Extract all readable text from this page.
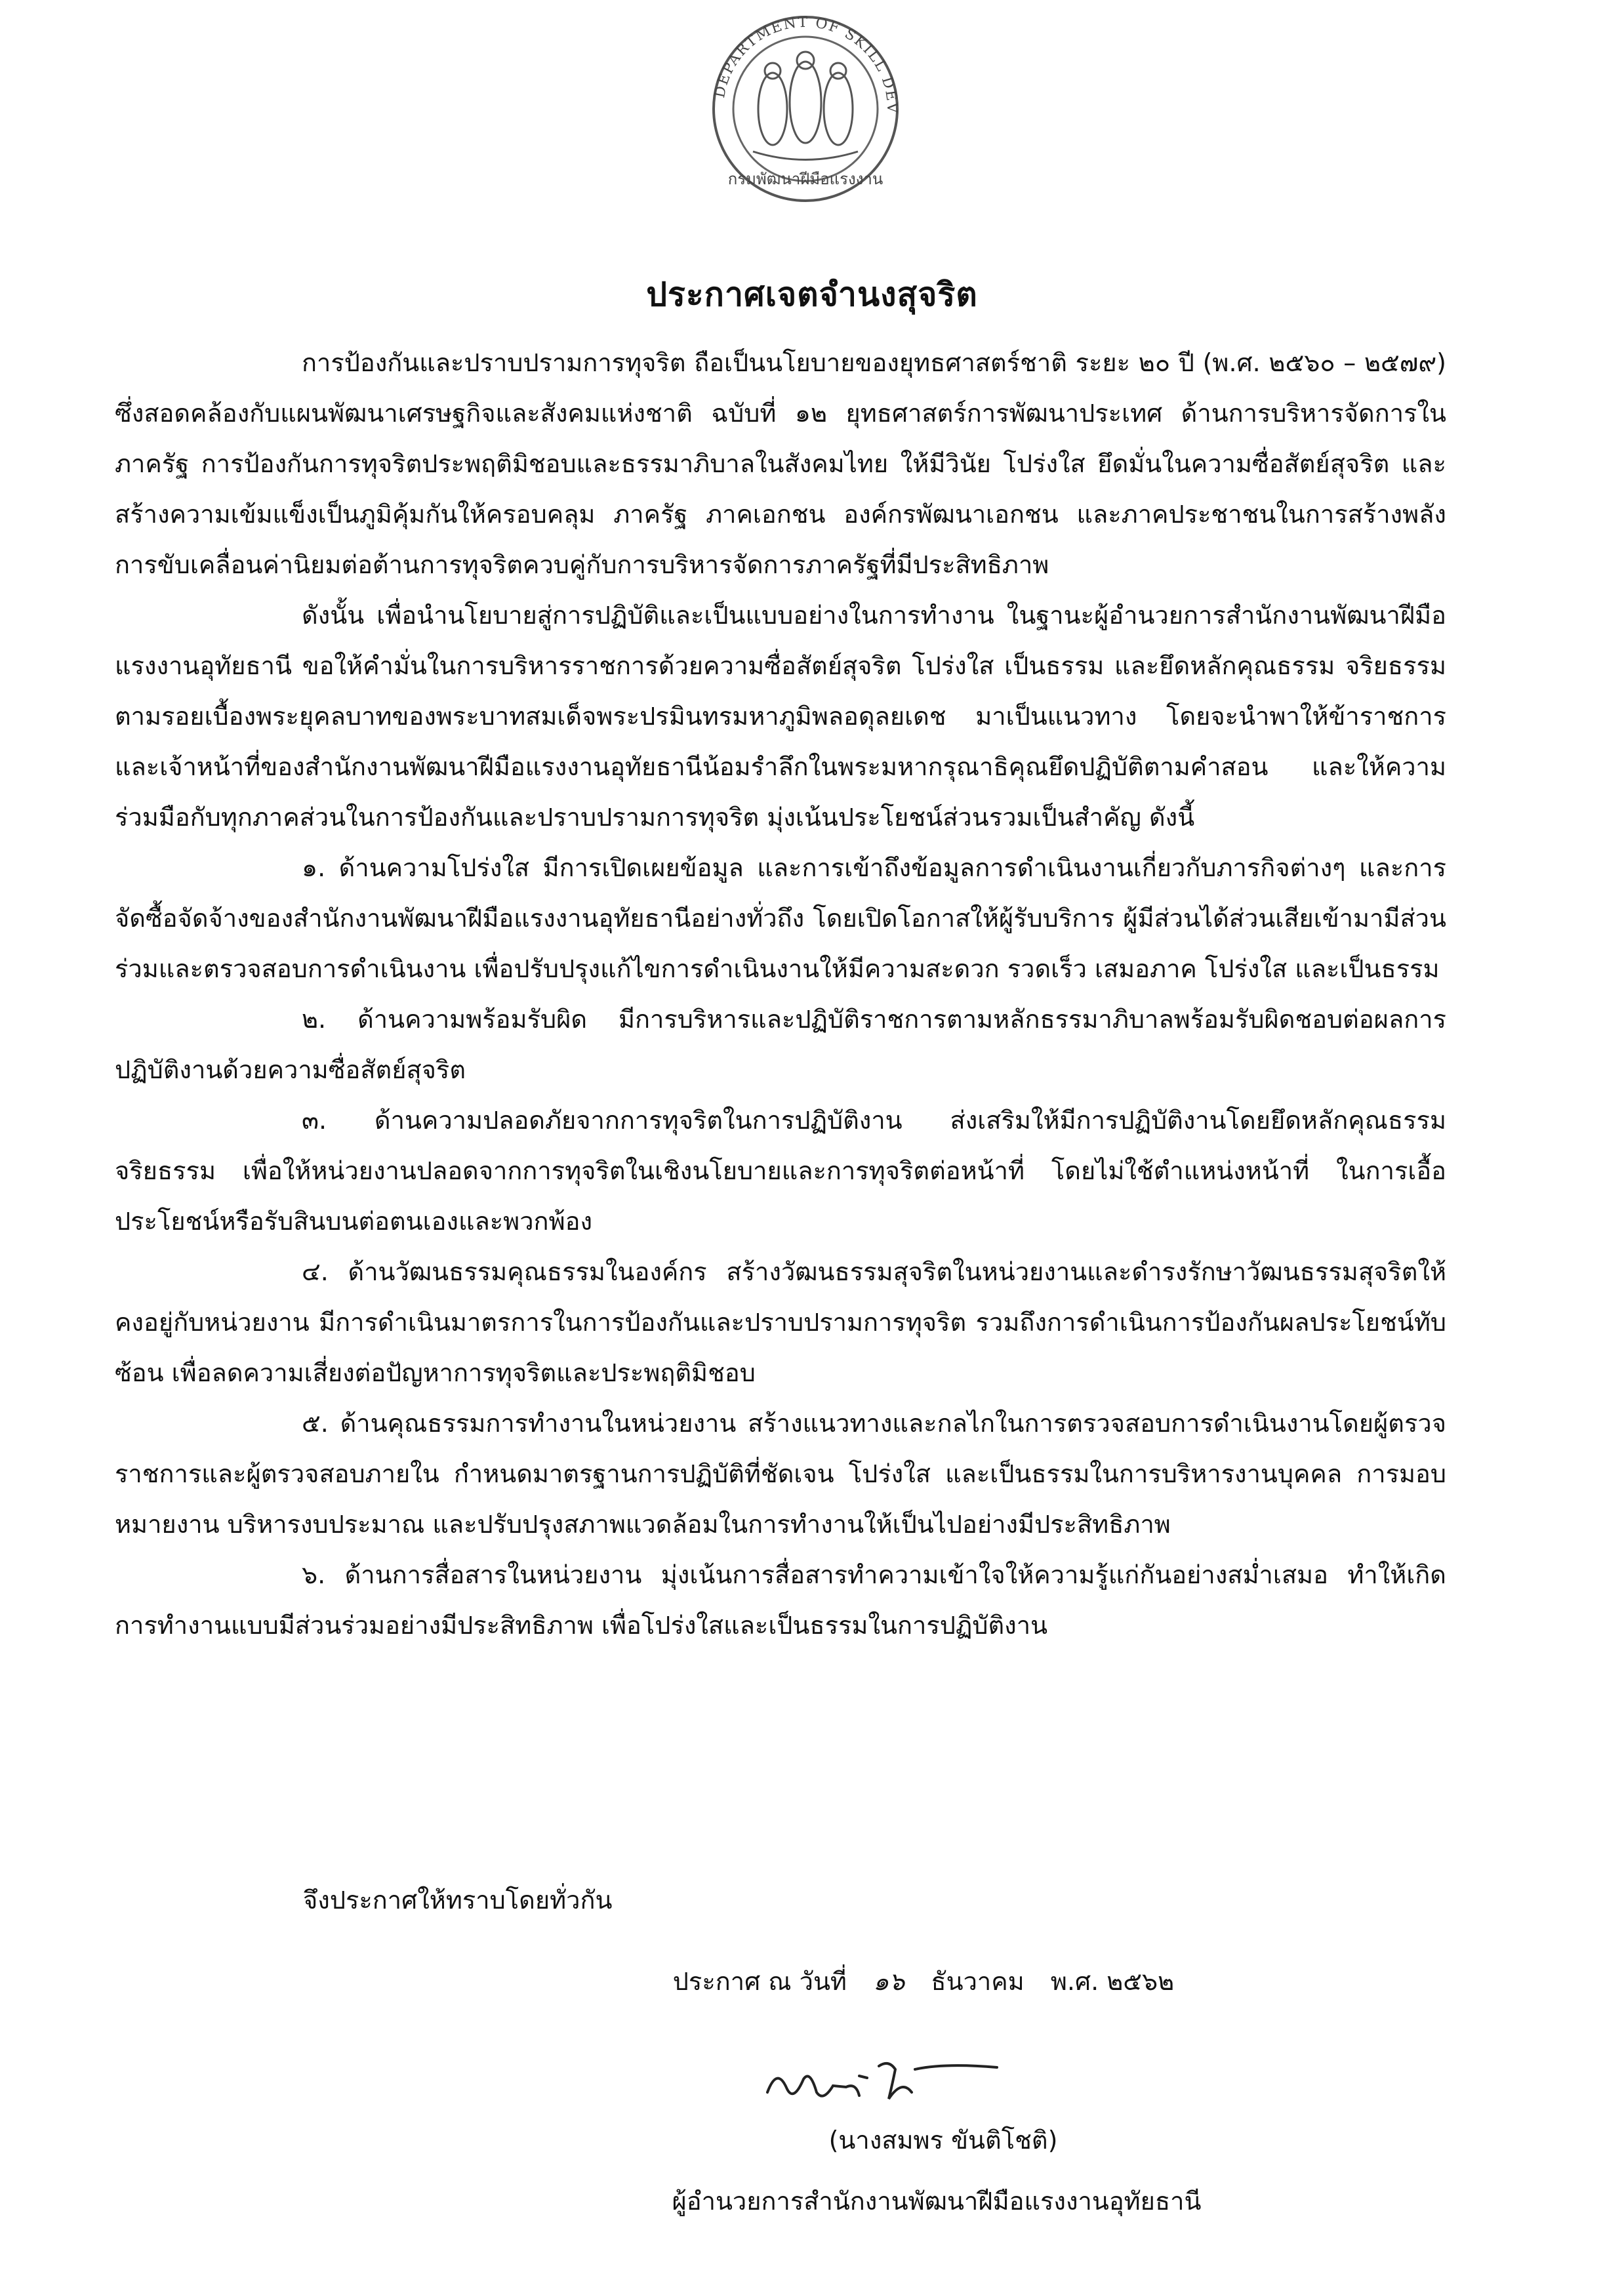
DEPARTMENT OF SKILL DEV
กรมพัฒนาฝีมือแรงงาน
ประกาศเจตจำนงสุจริต

การป้องกันและปราบปรามการทุจริต ถือเป็นนโยบายของยุทธศาสตร์ชาติ ระยะ ๒๐ ปี (พ.ศ. ๒๕๖๐ – ๒๕๗๙) ซึ่งสอดคล้องกับแผนพัฒนาเศรษฐกิจและสังคมแห่งชาติ ฉบับที่ ๑๒ ยุทธศาสตร์การพัฒนาประเทศ ด้านการบริหารจัดการในภาครัฐ การป้องกันการทุจริตประพฤติมิชอบและธรรมาภิบาลในสังคมไทย ให้มีวินัย โปร่งใส ยึดมั่นในความซื่อสัตย์สุจริต และสร้างความเข้มแข็งเป็นภูมิคุ้มกันให้ครอบคลุม ภาครัฐ ภาคเอกชน องค์กรพัฒนาเอกชน และภาคประชาชนในการสร้างพลังการขับเคลื่อนค่านิยมต่อต้านการทุจริตควบคู่กับการบริหารจัดการภาครัฐที่มีประสิทธิภาพ

ดังนั้น เพื่อนำนโยบายสู่การปฏิบัติและเป็นแบบอย่างในการทำงาน ในฐานะผู้อำนวยการสำนักงานพัฒนาฝีมือแรงงานอุทัยธานี ขอให้คำมั่นในการบริหารราชการด้วยความซื่อสัตย์สุจริต โปร่งใส เป็นธรรม และยึดหลักคุณธรรม จริยธรรม ตามรอยเบื้องพระยุคลบาทของพระบาทสมเด็จพระปรมินทรมหาภูมิพลอดุลยเดช มาเป็นแนวทาง โดยจะนำพาให้ข้าราชการและเจ้าหน้าที่ของสำนักงานพัฒนาฝีมือแรงงานอุทัยธานีน้อมรำลึกในพระมหากรุณาธิคุณยึดปฏิบัติตามคำสอน และให้ความร่วมมือกับทุกภาคส่วนในการป้องกันและปราบปรามการทุจริต มุ่งเน้นประโยชน์ส่วนรวมเป็นสำคัญ ดังนี้

๑. ด้านความโปร่งใส มีการเปิดเผยข้อมูล และการเข้าถึงข้อมูลการดำเนินงานเกี่ยวกับภารกิจต่างๆ และการจัดซื้อจัดจ้างของสำนักงานพัฒนาฝีมือแรงงานอุทัยธานีอย่างทั่วถึง โดยเปิดโอกาสให้ผู้รับบริการ ผู้มีส่วนได้ส่วนเสียเข้ามามีส่วนร่วมและตรวจสอบการดำเนินงาน เพื่อปรับปรุงแก้ไขการดำเนินงานให้มีความสะดวก รวดเร็ว เสมอภาค โปร่งใส และเป็นธรรม

๒. ด้านความพร้อมรับผิด มีการบริหารและปฏิบัติราชการตามหลักธรรมาภิบาลพร้อมรับผิดชอบต่อผลการปฏิบัติงานด้วยความซื่อสัตย์สุจริต

๓. ด้านความปลอดภัยจากการทุจริตในการปฏิบัติงาน ส่งเสริมให้มีการปฏิบัติงานโดยยึดหลักคุณธรรม จริยธรรม เพื่อให้หน่วยงานปลอดจากการทุจริตในเชิงนโยบายและการทุจริตต่อหน้าที่ โดยไม่ใช้ตำแหน่งหน้าที่ ในการเอื้อประโยชน์หรือรับสินบนต่อตนเองและพวกพ้อง

๔. ด้านวัฒนธรรมคุณธรรมในองค์กร สร้างวัฒนธรรมสุจริตในหน่วยงานและดำรงรักษาวัฒนธรรมสุจริตให้คงอยู่กับหน่วยงาน มีการดำเนินมาตรการในการป้องกันและปราบปรามการทุจริต รวมถึงการดำเนินการป้องกันผลประโยชน์ทับซ้อน เพื่อลดความเสี่ยงต่อปัญหาการทุจริตและประพฤติมิชอบ

๕. ด้านคุณธรรมการทำงานในหน่วยงาน สร้างแนวทางและกลไกในการตรวจสอบการดำเนินงานโดยผู้ตรวจราชการและผู้ตรวจสอบภายใน กำหนดมาตรฐานการปฏิบัติที่ชัดเจน โปร่งใส และเป็นธรรมในการบริหารงานบุคคล การมอบหมายงาน บริหารงบประมาณ และปรับปรุงสภาพแวดล้อมในการทำงานให้เป็นไปอย่างมีประสิทธิภาพ

๖. ด้านการสื่อสารในหน่วยงาน มุ่งเน้นการสื่อสารทำความเข้าใจให้ความรู้แก่กันอย่างสม่ำเสมอ ทำให้เกิดการทำงานแบบมีส่วนร่วมอย่างมีประสิทธิภาพ เพื่อโปร่งใสและเป็นธรรมในการปฏิบัติงาน

จึงประกาศให้ทราบโดยทั่วกัน
ประกาศ ณ วันที่ ๑๖ ธันวาคม พ.ศ. ๒๕๖๒
(นางสมพร ขันติโชติ)
ผู้อำนวยการสำนักงานพัฒนาฝีมือแรงงานอุทัยธานี
